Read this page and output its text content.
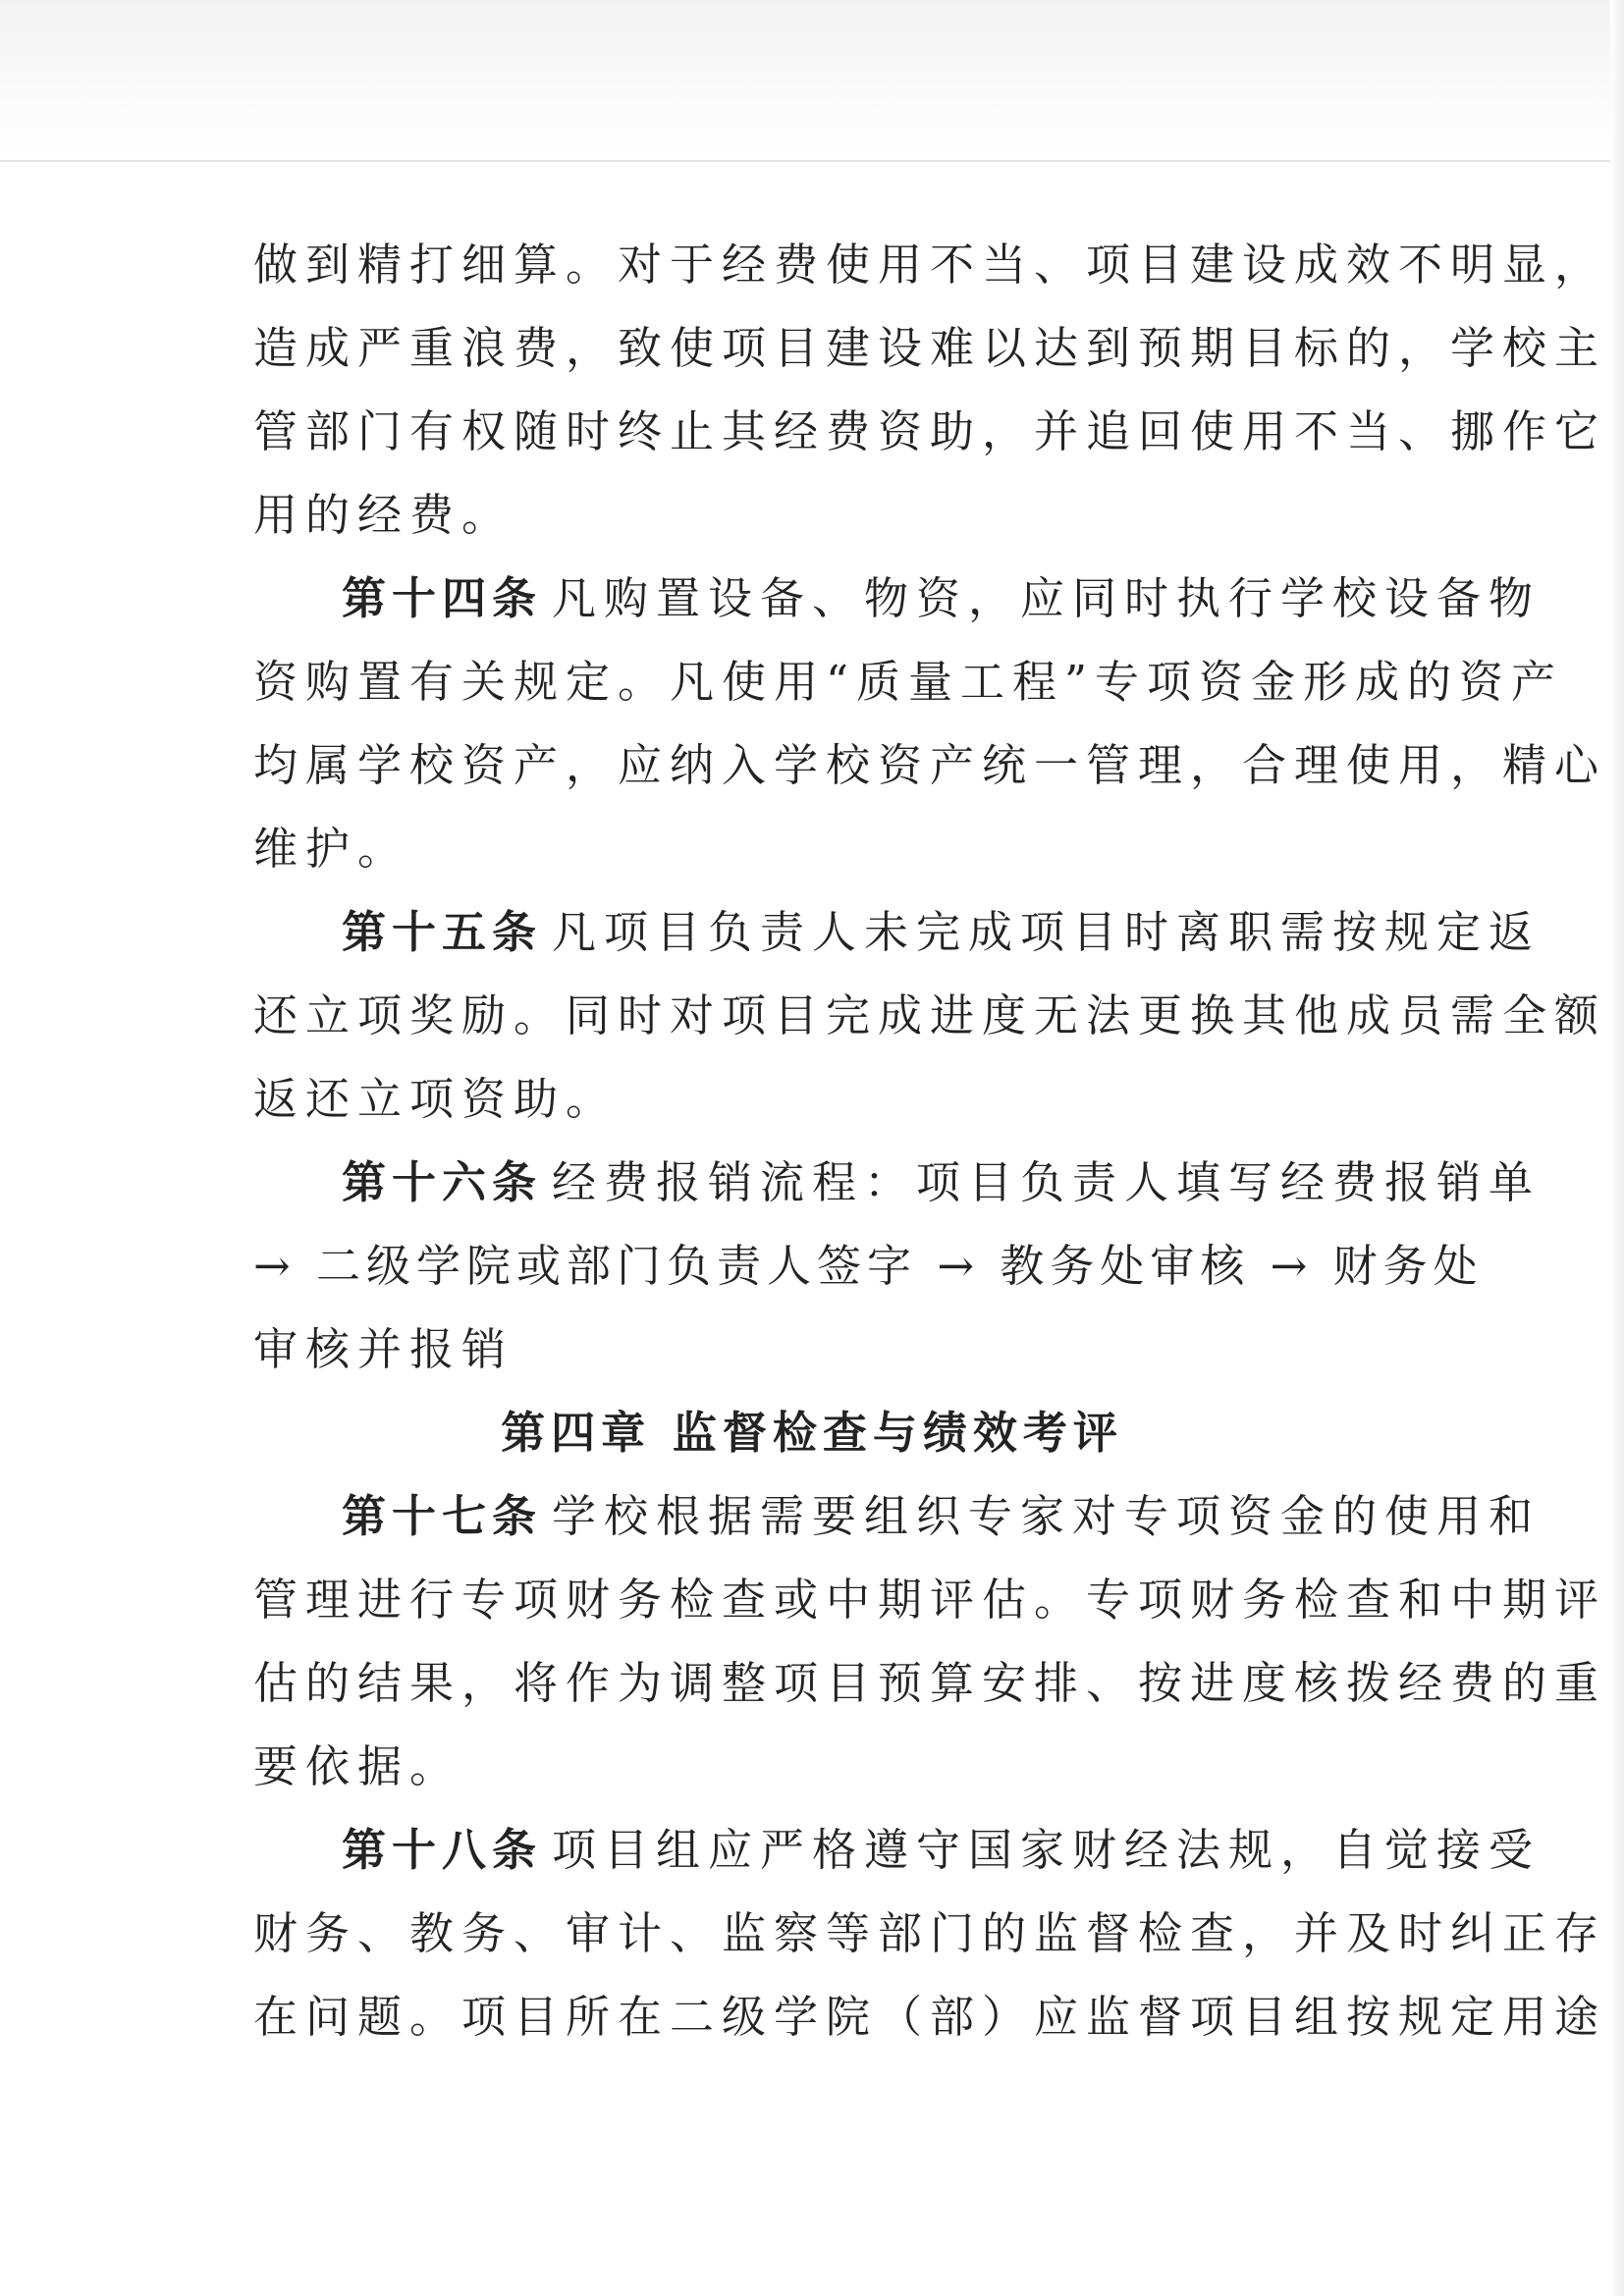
做到精打细算。对于经费使用不当、项目建设成效不明显，
造成严重浪费，致使项目建设难以达到预期目标的，学校主
管部门有权随时终止其经费资助，并追回使用不当、挪作它
用的经费。
第十四条 凡购置设备、物资，应同时执行学校设备物
资购置有关规定。凡使用“质量工程”专项资金形成的资产
均属学校资产，应纳入学校资产统一管理，合理使用，精心
维护。
第十五条 凡项目负责人未完成项目时离职需按规定返
还立项奖励。同时对项目完成进度无法更换其他成员需全额
返还立项资助。
第十六条 经费报销流程：项目负责人填写经费报销单
→ 二级学院或部门负责人签字 → 教务处审核 → 财务处
审核并报销
第四章 监督检查与绩效考评
第十七条 学校根据需要组织专家对专项资金的使用和
管理进行专项财务检查或中期评估。专项财务检查和中期评
估的结果，将作为调整项目预算安排、按进度核拨经费的重
要依据。
第十八条 项目组应严格遵守国家财经法规，自觉接受
财务、教务、审计、监察等部门的监督检查，并及时纠正存
在问题。项目所在二级学院（部）应监督项目组按规定用途
